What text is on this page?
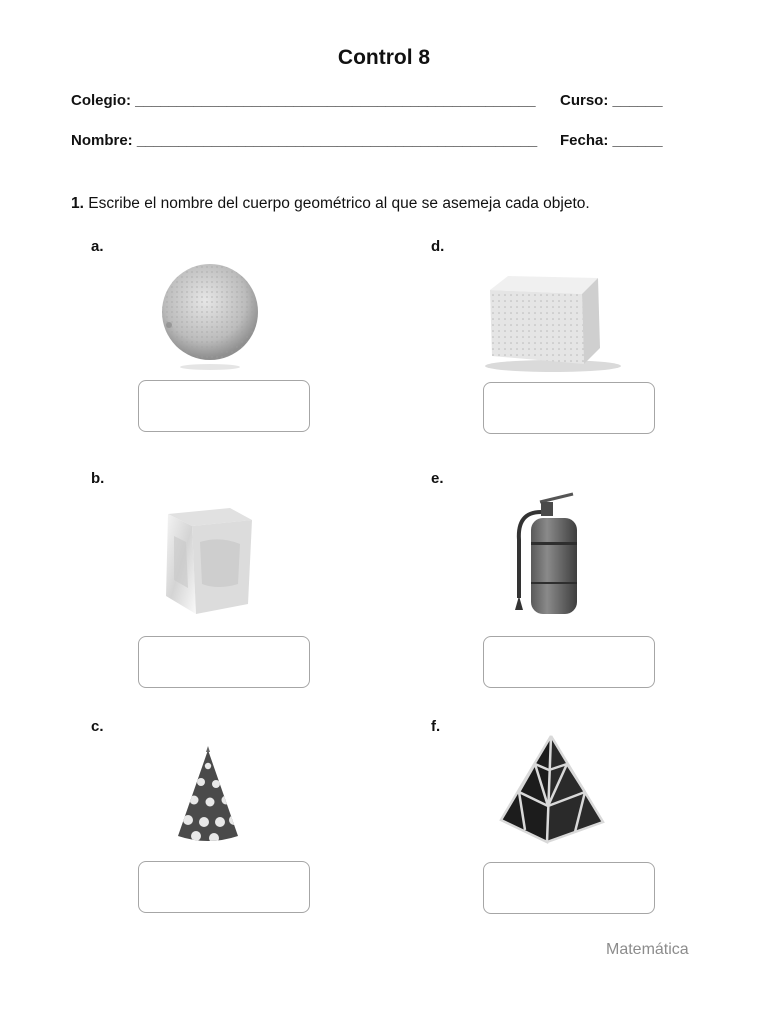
Control 8
Colegio: ________________________________________________ Curso: ______
Nombre: ________________________________________________ Fecha: ______
1. Escribe el nombre del cuerpo geométrico al que se asemeja cada objeto.
a.
b.
c.
d.
e.
f.
Matemática
